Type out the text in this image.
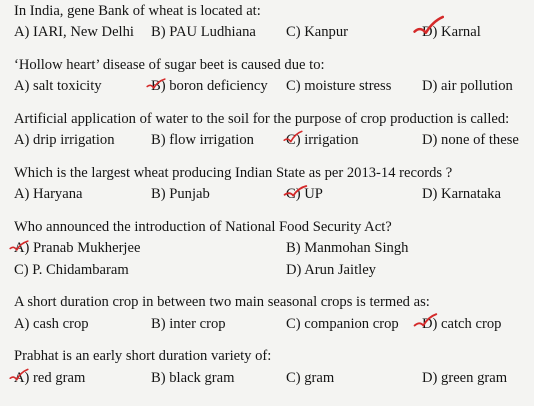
In India, gene Bank of wheat is located at:
A) IARI, New Delhi B) PAU Ludhiana C) Kanpur	D) Karnal
‘Hollow heart’ disease of sugar beet is caused due to:
A) salt toxicity	B) boron deficiency C) moisture stress D) air pollution
Artificial application of water to the soil for the purpose of crop production is called:
A) drip irrigation B) flow irrigation C) irrigation	D) none of these
Which is the largest wheat producing Indian State as per 2013-14 records ?
A) Haryana	B) Punjab	C) UP	D) Karnataka
Who announced the introduction of National Food Security Act?
A) Pranab Mukherjee	B) Manmohan Singh
C) P. Chidambaram	D) Arun Jaitley
A short duration crop in between two main seasonal crops is termed as:
A) cash crop	B) inter crop	C) companion crop D) catch crop
Prabhat is an early short duration variety of:
A) red gram	B) black gram	C) gram	D) green gram
